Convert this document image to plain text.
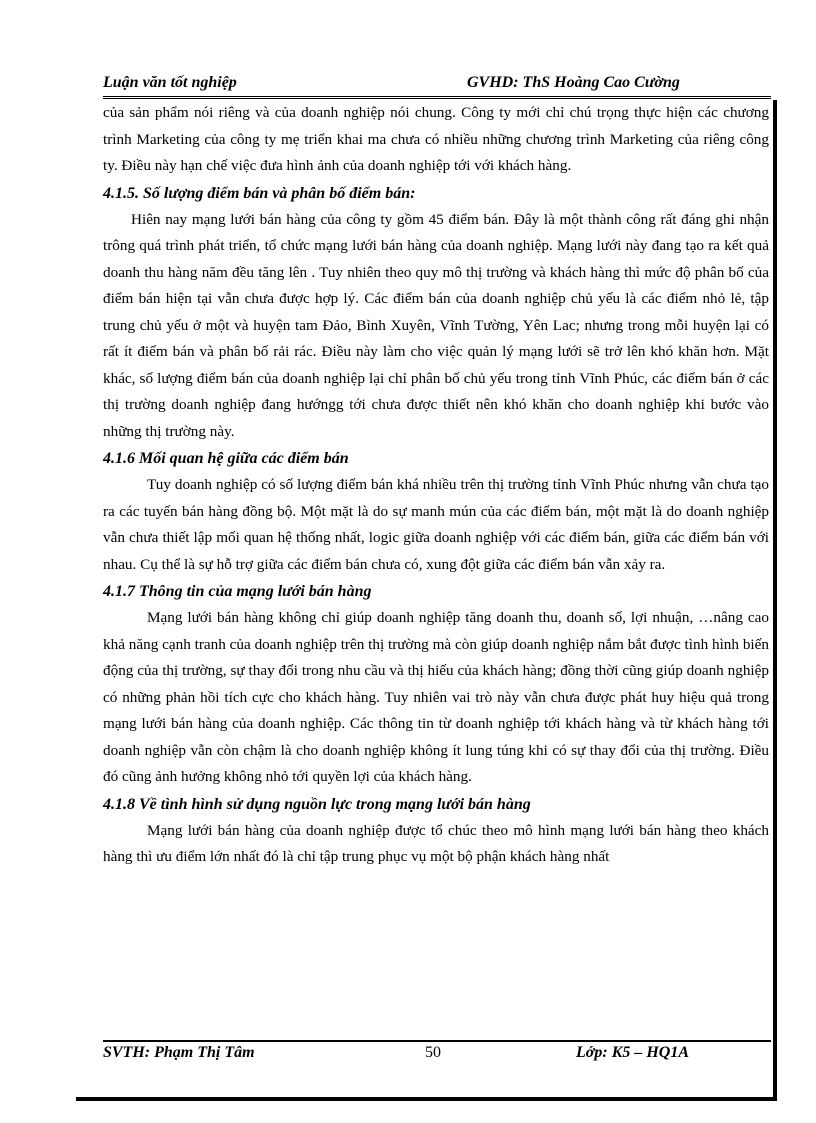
Luận văn tốt nghiệp	GVHD: ThS Hoàng Cao Cường

của sản phẩm nói riêng và của doanh nghiệp nói chung. Công ty mới chỉ chú trọng thực hiện các chương trình Marketing của công ty mẹ triển khai ma chưa có nhiều những chương trình Marketing của riêng công ty. Điều này hạn chế việc đưa hình ảnh của doanh nghiệp tới với khách hàng.

4.1.5. Số lượng điểm bán và phân bố điểm bán:

Hiên nay mạng lưới bán hàng của công ty gồm 45 điểm bán. Đây là một thành công rất đáng ghi nhận trông quá trình phát triển, tổ chức mạng lưới bán hàng của doanh nghiệp. Mạng lưới này đang tạo ra kết quả doanh thu hàng năm đều tăng lên . Tuy nhiên theo quy mô thị trường và khách hàng thì mức độ phân bố của điểm bán hiện tại vẫn chưa được hợp lý. Các điểm bán của doanh nghiệp chủ yếu là các điểm nhỏ lẻ, tập trung chủ yếu ở một và huyện tam Đảo, Bình Xuyên, Vĩnh Tường, Yên Lac; nhưng trong mỗi huyện lại có rất ít điểm bán và phân bố rải rác. Điều này làm cho việc quản lý mạng lưới sẽ trở lên khó khăn hơn. Mặt khác, số lượng điểm bán của doanh nghiệp lại chỉ phân bố chủ yếu trong tỉnh Vĩnh Phúc, các điểm bán ở các thị trường doanh nghiệp đang hướngg tới chưa được thiết nên khó khăn cho doanh nghiệp khi bước vào những thị trường này.

4.1.6 Mối quan hệ giữa các điểm bán

Tuy doanh nghiệp có số lượng điểm bán khá nhiều trên thị trường tỉnh Vĩnh Phúc nhưng vẫn chưa tạo ra các tuyến bán hàng đồng bộ. Một mặt là do sự manh mún của các điểm bán, một mặt là do doanh nghiệp vẫn chưa thiết lập mối quan hệ thống nhất, logic giữa doanh nghiệp với các điểm bán, giữa các điểm bán với nhau. Cụ thể là sự hỗ trợ giữa các điểm bán chưa có, xung đột giữa các điểm bán vẫn xảy ra.

4.1.7 Thông tin của mạng lưới bán hàng

Mạng lưới bán hàng không chỉ giúp doanh nghiệp tăng doanh thu, doanh số, lợi nhuận, …nâng cao khả năng cạnh tranh của doanh nghiệp trên thị trường mà còn giúp doanh nghiệp nắm bắt được tình hình biến động của thị trường, sự thay đổi trong nhu cầu và thị hiếu của khách hàng; đồng thời cũng giúp doanh nghiệp có những phản hồi tích cực cho khách hàng. Tuy nhiên vai trò này vẫn chưa được phát huy hiệu quả trong mạng lưới bán hàng của doanh nghiệp. Các thông tin từ doanh nghiệp tới khách hàng và từ khách hàng tới doanh nghiệp vẫn còn chậm là cho doanh nghiệp không ít lung túng khi có sự thay đổi của thị trường. Điều đó cũng ảnh hưởng không nhỏ tới quyền lợi của khách hàng.

4.1.8 Về tình hình sử dụng nguồn lực trong mạng lưới bán hàng

Mạng lưới bán hàng của doanh nghiệp được tổ chúc theo mô hình mạng lưới bán hàng theo khách hàng thì ưu điểm lớn nhất đó là chỉ tập trung phục vụ một bộ phận khách hàng nhất

SVTH: Phạm Thị Tâm	50	Lớp: K5 – HQ1A
